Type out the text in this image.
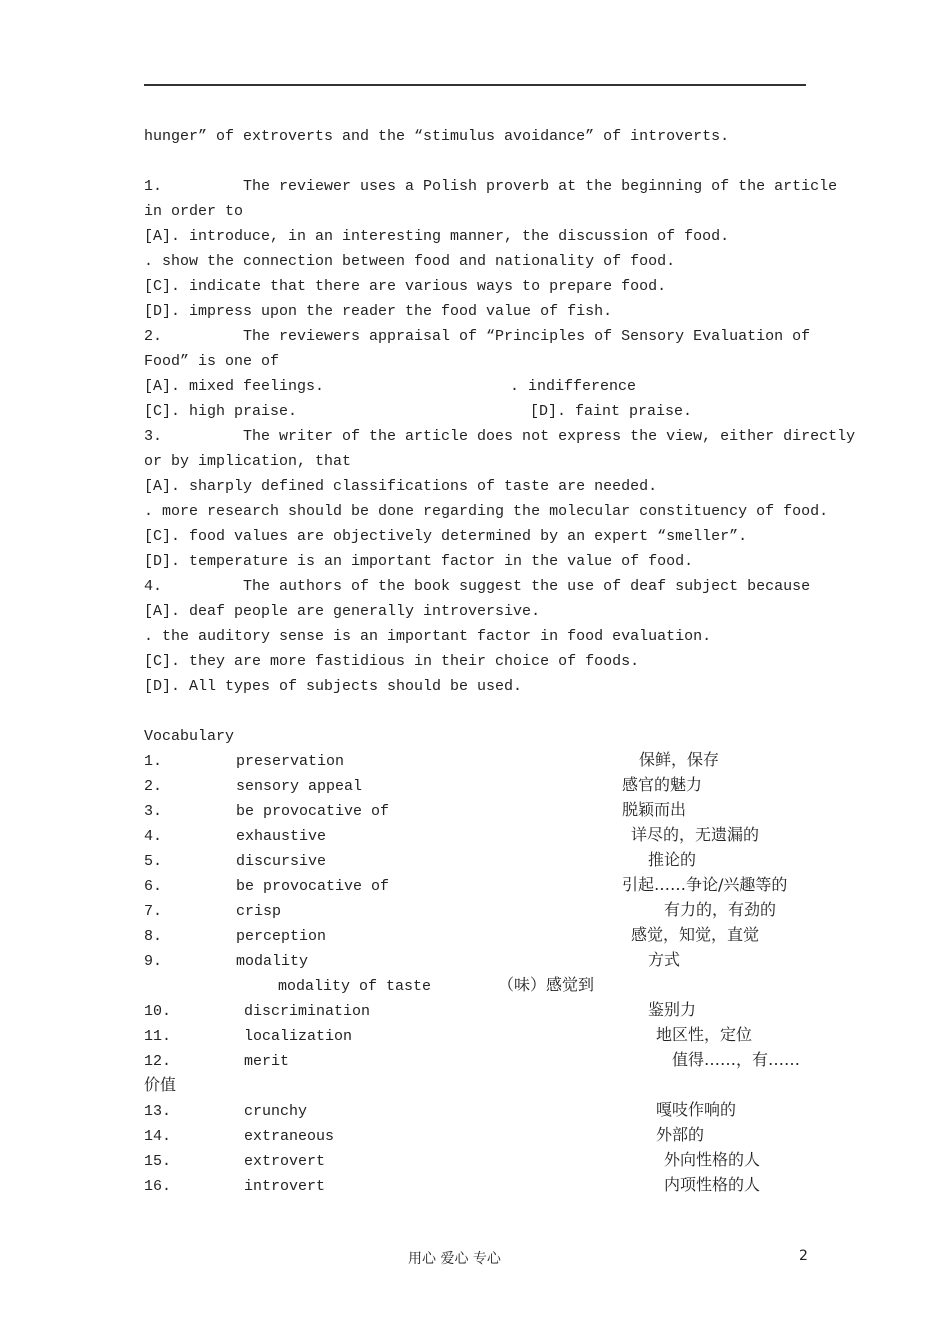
hunger” of extroverts and the “stimulus avoidance” of introverts.
1.         The reviewer uses a Polish proverb at the beginning of the article
in order to
[A]. introduce, in an interesting manner, the discussion of food.
. show the connection between food and nationality of food.
[C]. indicate that there are various ways to prepare food.
[D]. impress upon the reader the food value of fish.
2.         The reviewers appraisal of “Principles of Sensory Evaluation of
Food” is one of
[A]. mixed feelings.	. indifference
[C]. high praise.	[D]. faint praise.
3.         The writer of the article does not express the view, either directly
or by implication, that
[A]. sharply defined classifications of taste are needed.
. more research should be done regarding the molecular constituency of food.
[C]. food values are objectively determined by an expert “smeller”.
[D]. temperature is an important factor in the value of food.
4.         The authors of the book suggest the use of deaf subject because
[A]. deaf people are generally introversive.
. the auditory sense is an important factor in food evaluation.
[C]. they are more fastidious in their choice of foods.
[D]. All types of subjects should be used.
Vocabulary
1.	preservation	保鲜，保存
2.	sensory appeal	感官的魅力
3.	be provocative of	脱颖而出
4.	exhaustive	详尽的，无遗漏的
5.	discursive	推论的
6.	be provocative of	引起……争论/兴趣等的
7.	crisp	有力的，有劲的
8.	perception	感觉，知觉，直觉
9.	modality	方式
modality of taste	（味）感觉到
10.	discrimination	鉴别力
11.	localization	地区性，定位
12.	merit	值得……，有……
价值
13.	crunchy	嘎吱作响的
14.	extraneous	外部的
15.	extrovert	外向性格的人
16.	introvert	内项性格的人
用心 爱心 专心	2
